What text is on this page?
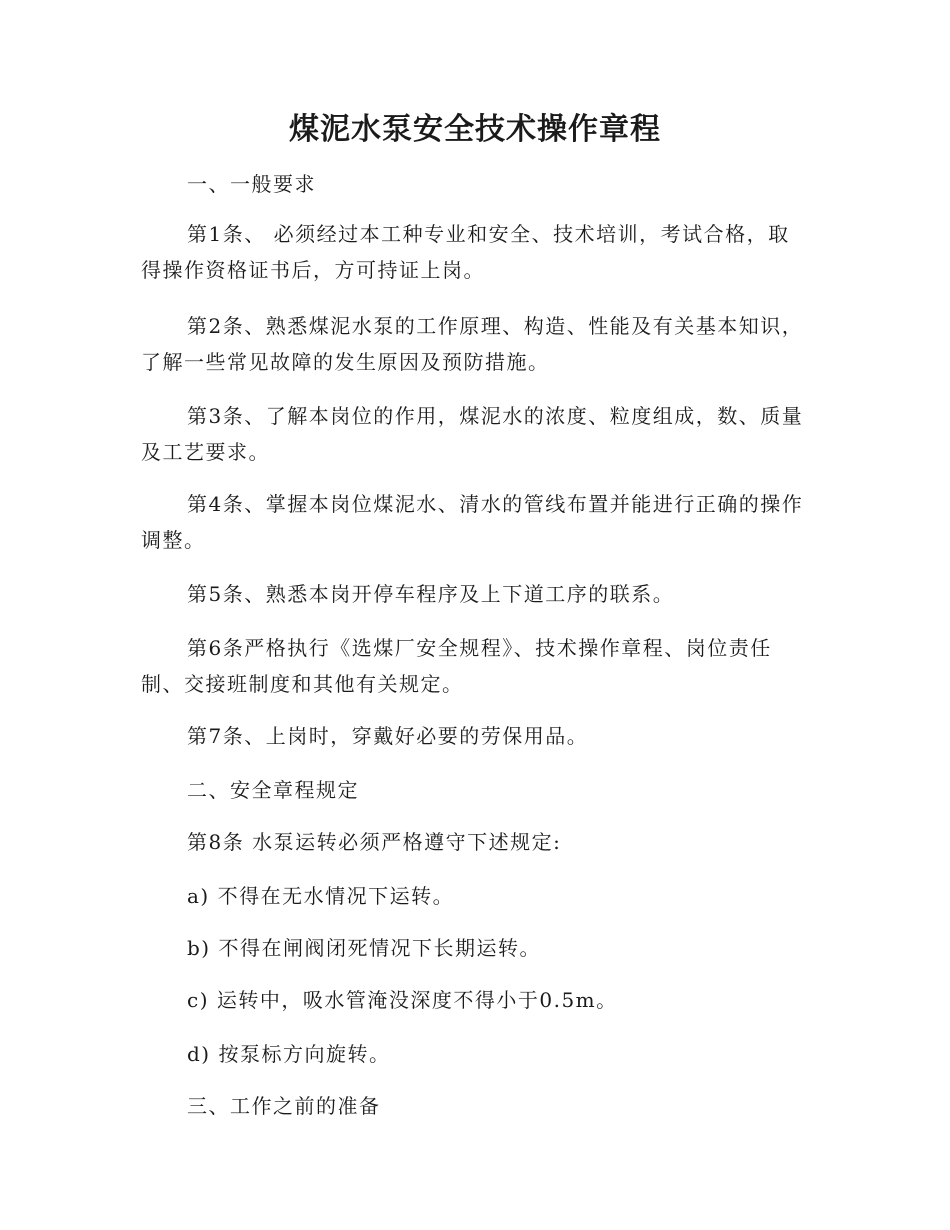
煤泥水泵安全技术操作章程

一、一般要求

第1条、 必须经过本工种专业和安全、技术培训，考试合格，取得操作资格证书后，方可持证上岗。

第2条、熟悉煤泥水泵的工作原理、构造、性能及有关基本知识，了解一些常见故障的发生原因及预防措施。

第3条、了解本岗位的作用，煤泥水的浓度、粒度组成，数、质量及工艺要求。

第4条、掌握本岗位煤泥水、清水的管线布置并能进行正确的操作调整。

第5条、熟悉本岗开停车程序及上下道工序的联系。

第6条严格执行《选煤厂安全规程》、技术操作章程、岗位责任制、交接班制度和其他有关规定。

第7条、上岗时，穿戴好必要的劳保用品。

二、安全章程规定

第8条 水泵运转必须严格遵守下述规定:

a) 不得在无水情况下运转。

b) 不得在闸阀闭死情况下长期运转。

c) 运转中，吸水管淹没深度不得小于0.5m。

d) 按泵标方向旋转。

三、工作之前的准备
